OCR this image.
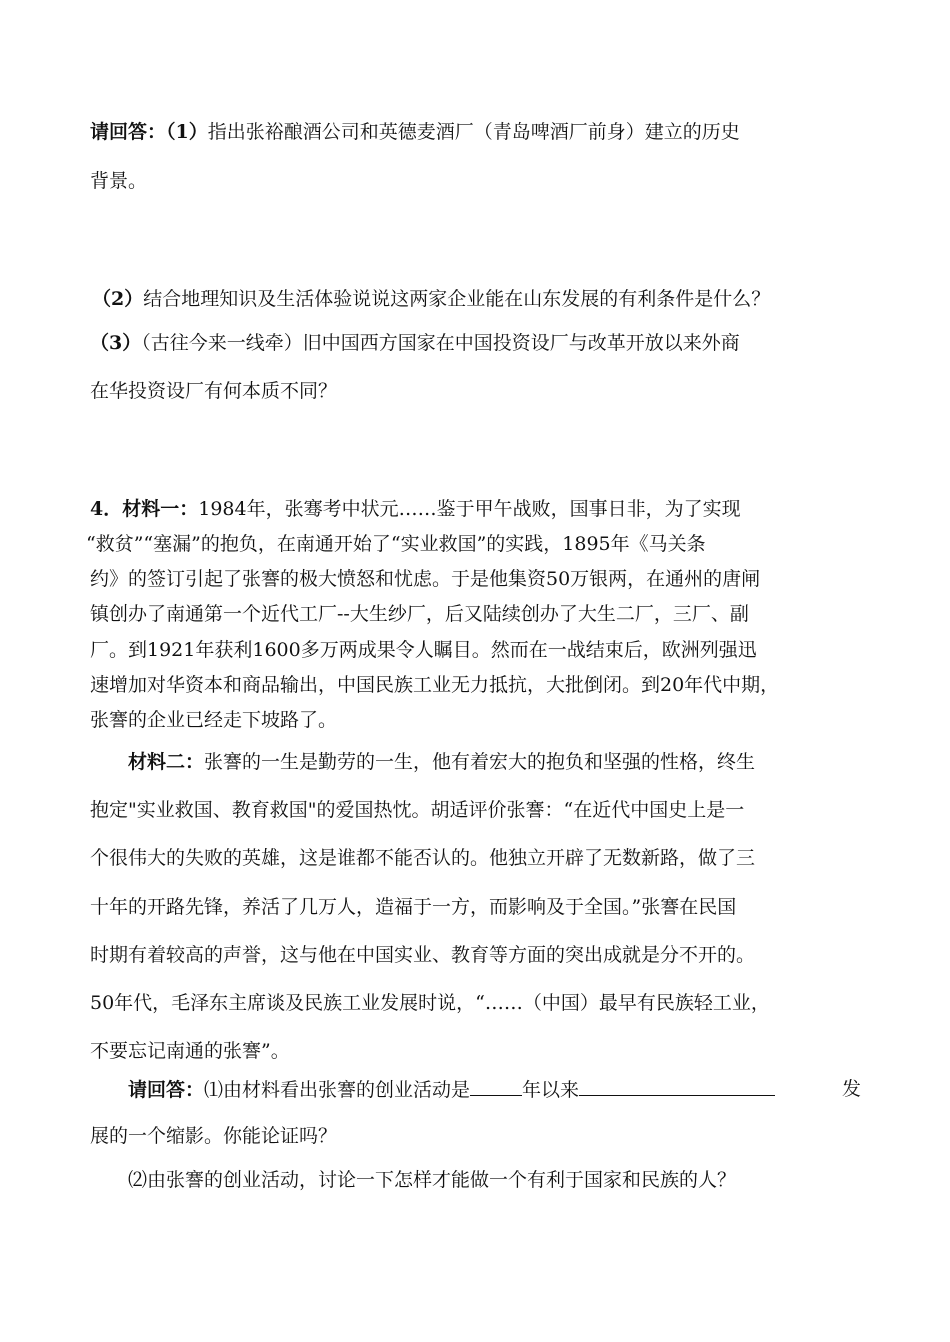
请回答：（1）指出张裕酿酒公司和英德麦酒厂（青岛啤酒厂前身）建立的历史
背景。
（2）结合地理知识及生活体验说说这两家企业能在山东发展的有利条件是什么？
（3）（古往今来一线牵）旧中国西方国家在中国投资设厂与改革开放以来外商
在华投资设厂有何本质不同？
4．材料一：1984年，张骞考中状元……鉴于甲午战败，国事日非，为了实现
“救贫”“塞漏”的抱负，在南通开始了“实业救国”的实践，1895年《马关条
约》的签订引起了张謇的极大愤怒和忧虑。于是他集资50万银两，在通州的唐闸
镇创办了南通第一个近代工厂--大生纱厂，后又陆续创办了大生二厂，三厂、副
厂。到1921年获利1600多万两成果令人瞩目。然而在一战结束后，欧洲列强迅
速增加对华资本和商品输出，中国民族工业无力抵抗，大批倒闭。到20年代中期，
张謇的企业已经走下坡路了。
材料二：张謇的一生是勤劳的一生，他有着宏大的抱负和坚强的性格，终生
抱定"实业救国、教育救国"的爱国热忱。胡适评价张謇：“在近代中国史上是一
个很伟大的失败的英雄，这是谁都不能否认的。他独立开辟了无数新路，做了三
十年的开路先锋，养活了几万人，造福于一方，而影响及于全国。”张謇在民国
时期有着较高的声誉，这与他在中国实业、教育等方面的突出成就是分不开的。
50年代，毛泽东主席谈及民族工业发展时说，“……（中国）最早有民族轻工业，
不要忘记南通的张謇”。
请回答：⑴由材料看出张謇的创业活动是	年以来	发
展的一个缩影。你能论证吗？
⑵由张謇的创业活动，讨论一下怎样才能做一个有利于国家和民族的人？
